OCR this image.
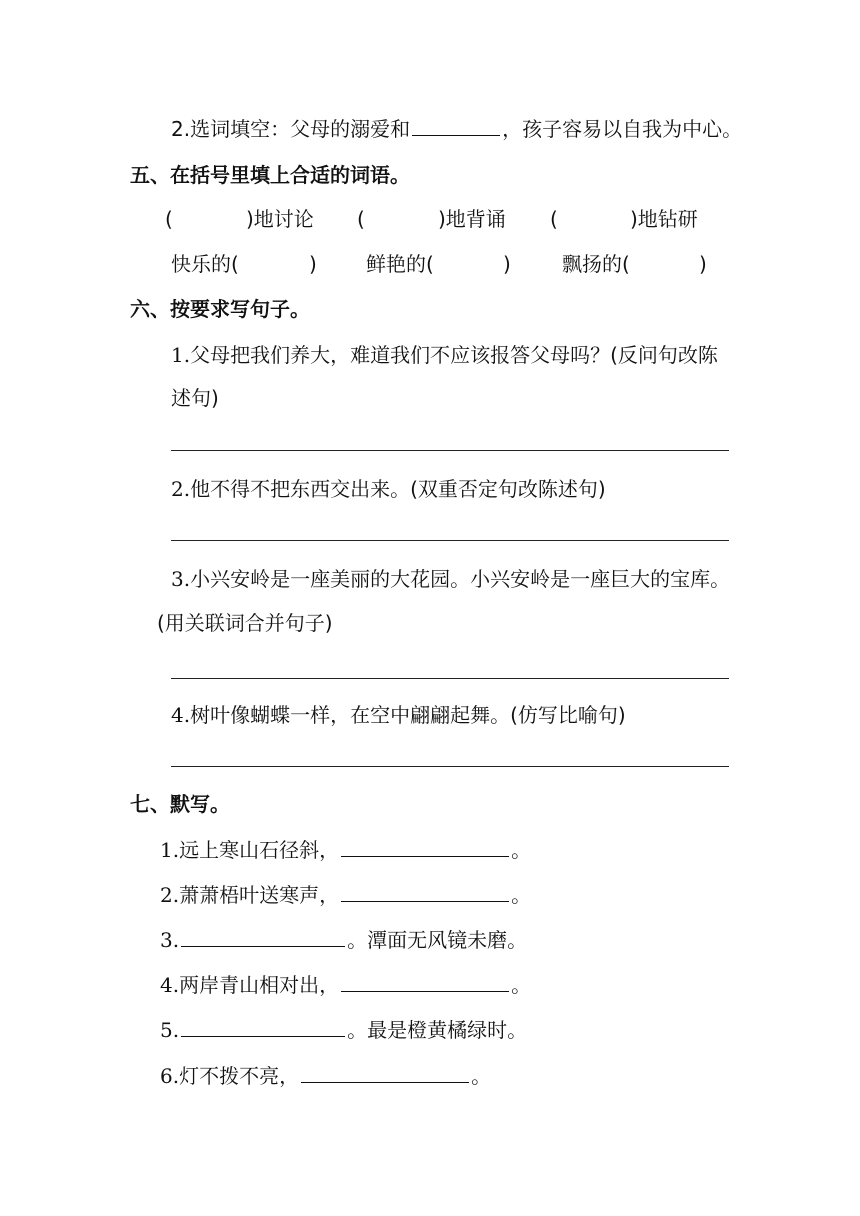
2.选词填空：父母的溺爱和	，孩子容易以自我为中心。
五、在括号里填上合适的词语。
(	)地讨论 (	)地背诵 (	)地钻研
快乐的(	) 鲜艳的(	)	飘扬的(	)
六、按要求写句子。
1.父母把我们养大，难道我们不应该报答父母吗？(反问句改陈
述句)
2.他不得不把东西交出来。(双重否定句改陈述句)
3.小兴安岭是一座美丽的大花园。小兴安岭是一座巨大的宝库。
(用关联词合并句子)
4.树叶像蝴蝶一样，在空中翩翩起舞。(仿写比喻句)
七、默写。
1.远上寒山石径斜，	。
2.萧萧梧叶送寒声，	。
3.	。潭面无风镜未磨。
4.两岸青山相对出，	。
5.	。最是橙黄橘绿时。
6.灯不拨不亮，	。
